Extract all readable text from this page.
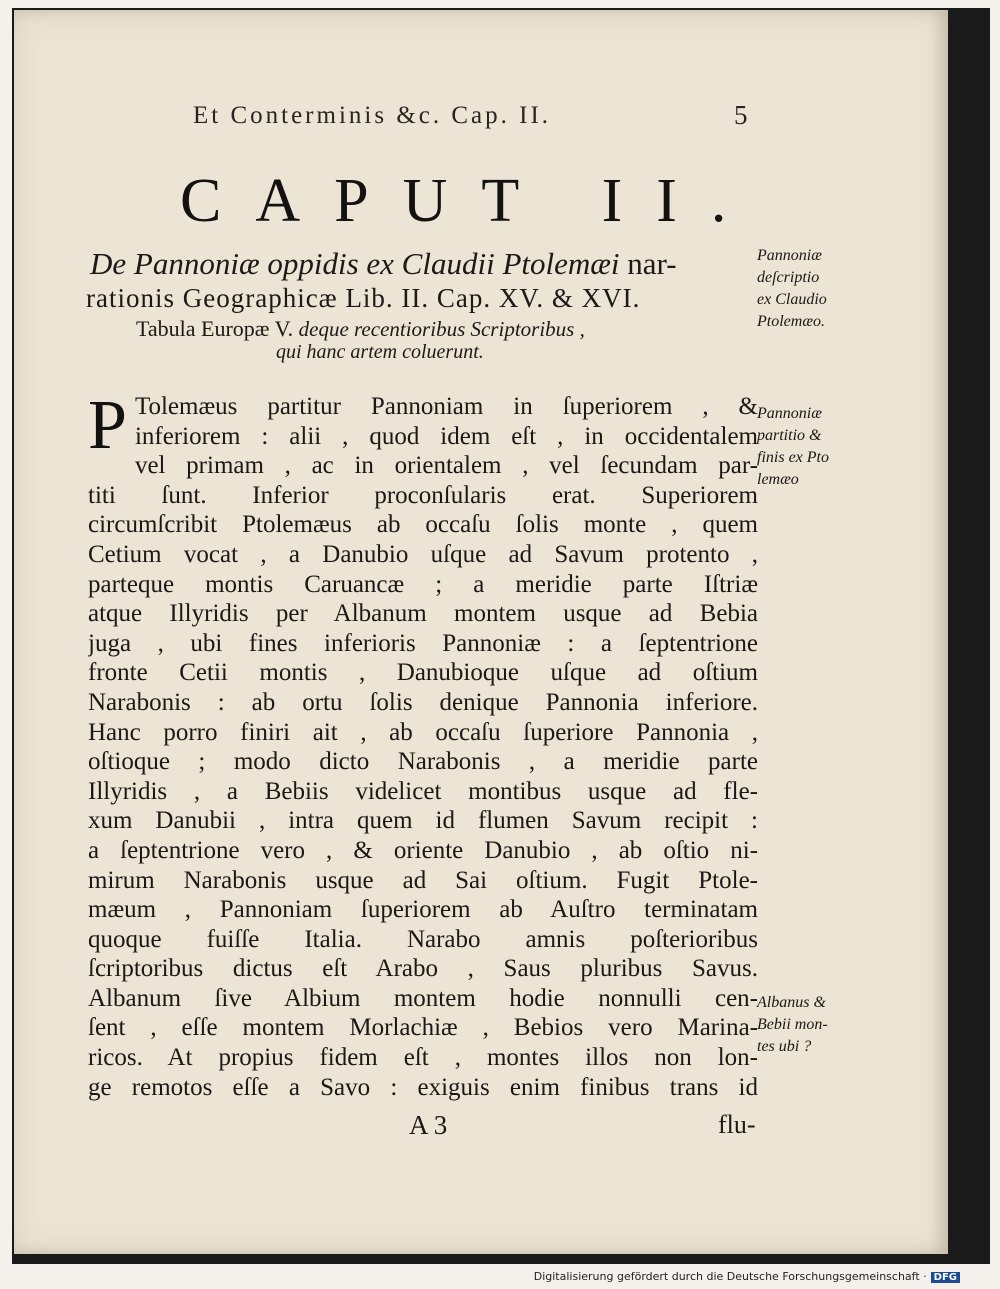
Et Conterminis &c. Cap. II.	5
CAPUT II.
De Pannoniæ oppidis ex Claudii Ptolemæi nar-
rationis Geographicæ Lib. II. Cap. XV. & XVI.
Tabula Europæ V. deque recentioribus Scriptoribus ,
qui hanc artem coluerunt.
P Tolemæus partitur Pannoniam in ſuperiorem , &
inferiorem : alii , quod idem eſt , in occidentalem
vel primam , ac in orientalem , vel ſecundam par-
titi ſunt. Inferior proconſularis erat. Superiorem
circumſcribit Ptolemæus ab occaſu ſolis monte , quem
Cetium vocat , a Danubio uſque ad Savum protento ,
parteque montis Caruancæ ; a meridie parte Iſtriæ
atque Illyridis per Albanum montem usque ad Bebia
juga , ubi fines inferioris Pannoniæ : a ſeptentrione
fronte Cetii montis , Danubioque uſque ad oſtium
Narabonis : ab ortu ſolis denique Pannonia inferiore.
Hanc porro finiri ait , ab occaſu ſuperiore Pannonia ,
oſtioque ; modo dicto Narabonis , a meridie parte
Illyridis , a Bebiis videlicet montibus usque ad fle-
xum Danubii , intra quem id flumen Savum recipit :
a ſeptentrione vero , & oriente Danubio , ab oſtio ni-
mirum Narabonis usque ad Sai oſtium. Fugit Ptole-
mæum , Pannoniam ſuperiorem ab Auſtro terminatam
quoque fuiſſe Italia. Narabo amnis poſterioribus
ſcriptoribus dictus eſt Arabo , Saus pluribus Savus.
Albanum ſive Albium montem hodie nonnulli cen-
ſent , eſſe montem Morlachiæ , Bebios vero Marina-
ricos. At propius fidem eſt , montes illos non lon-
ge remotos eſſe a Savo : exiguis enim finibus trans id
A 3	flu-
Pannoniæ
deſcriptio
ex Claudio
Ptolemæo.
Pannoniæ
partitio &
finis ex Pto
lemæo
Albanus &
Bebii mon-
tes ubi ?
Digitalisierung gefördert durch die Deutsche Forschungsgemeinschaft · DFG
